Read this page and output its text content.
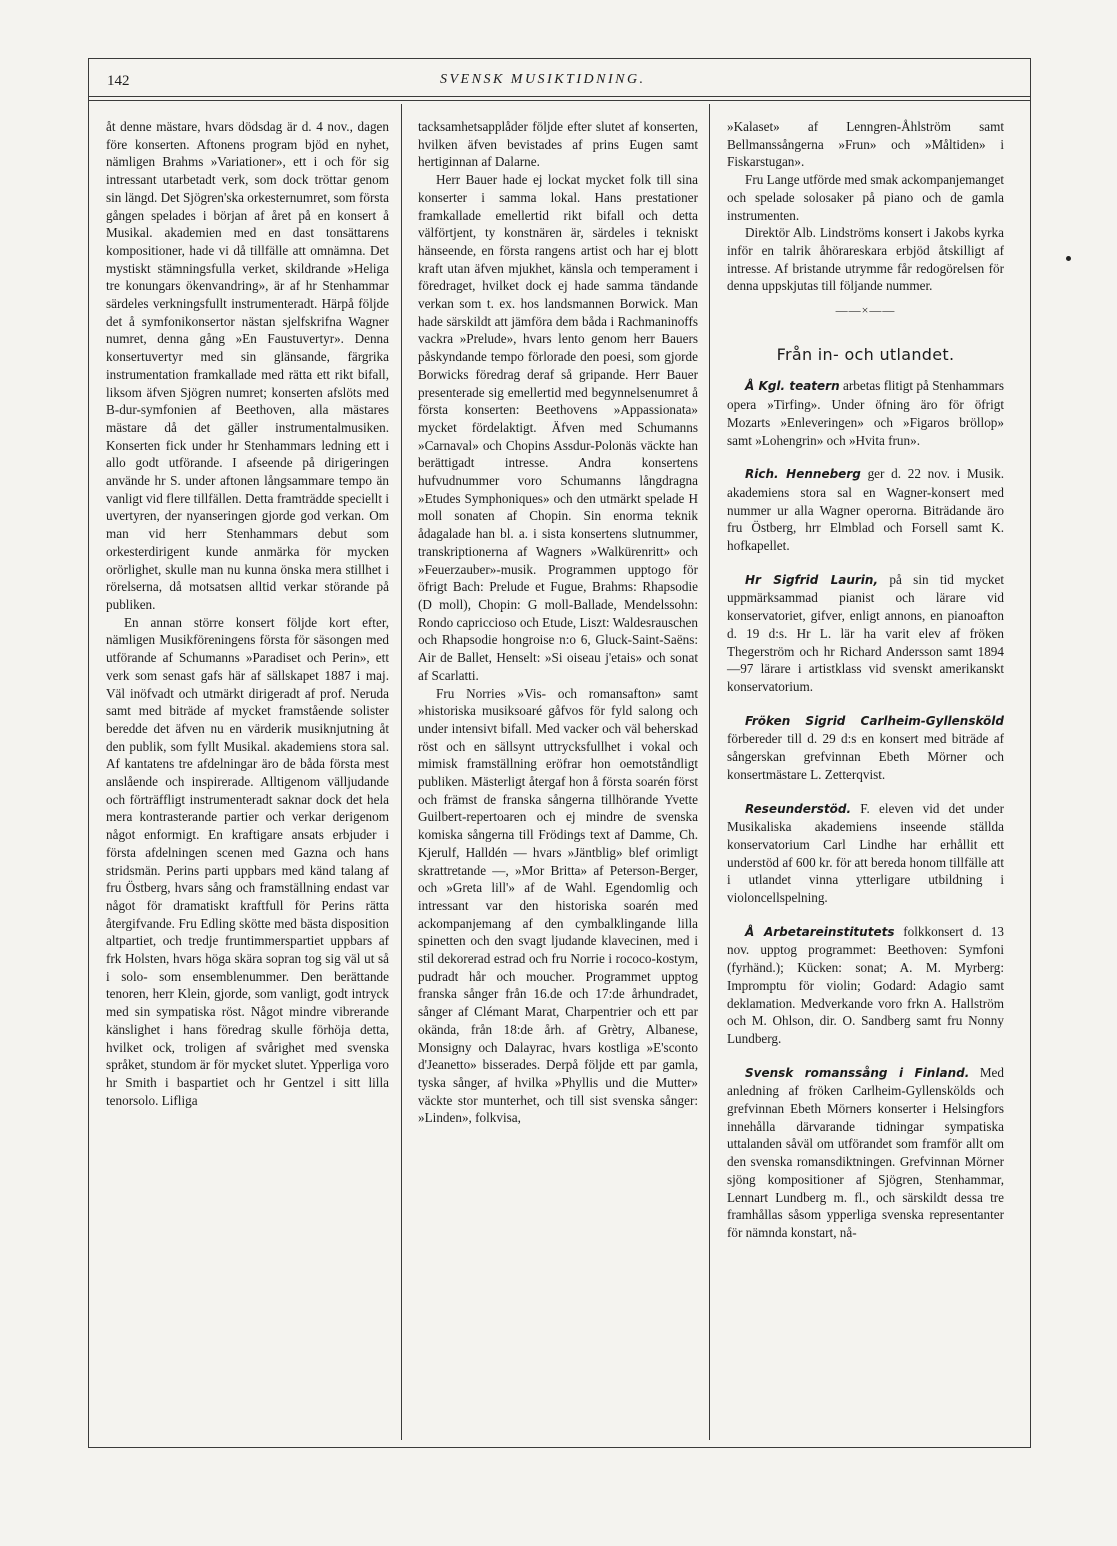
142	SVENSK MUSIKTIDNING.

åt denne mästare, hvars dödsdag är d. 4 nov., dagen före konserten. Aftonens program bjöd en nyhet, nämligen Brahms »Variationer», ett i och för sig intressant utarbetadt verk, som dock tröttar genom sin längd. Det Sjögren'ska orkesternumret, som första gången spelades i början af året på en konsert å Musikal. akademien med en dast tonsättarens kompositioner, hade vi då tillfälle att omnämna. Det mystiskt stämningsfulla verket, skildrande »Heliga tre konungars ökenvandring», är af hr Stenhammar särdeles verkningsfullt instrumenteradt. Härpå följde det å symfonikonsertor nästan sjelfskrifna Wagner numret, denna gång »En Faustuvertyr». Denna konsertuvertyr med sin glänsande, färgrika instrumentation framkallade med rätta ett rikt bifall, liksom äfven Sjögren numret; konserten afslöts med B-dur-symfonien af Beethoven, alla mästares mästare då det gäller instrumentalmusiken. Konserten fick under hr Stenhammars ledning ett i allo godt utförande. I afseende på dirigeringen använde hr S. under aftonen långsammare tempo än vanligt vid flere tillfällen. Detta framträdde speciellt i uvertyren, der nyanseringen gjorde god verkan. Om man vid herr Stenhammars debut som orkesterdirigent kunde anmärka för mycken orörlighet, skulle man nu kunna önska mera stillhet i rörelserna, då motsatsen alltid verkar störande på publiken.

En annan större konsert följde kort efter, nämligen Musikföreningens första för säsongen med utförande af Schumanns »Paradiset och Perin», ett verk som senast gafs här af sällskapet 1887 i maj. Väl inöfvadt och utmärkt dirigeradt af prof. Neruda samt med biträde af mycket framstående solister beredde det äfven nu en värderik musiknjutning åt den publik, som fyllt Musikal. akademiens stora sal. Af kantatens tre afdelningar äro de båda första mest anslående och inspirerade. Alltigenom välljudande och förträffligt instrumenteradt saknar dock det hela mera kontrasterande partier och verkar derigenom något enformigt. En kraftigare ansats erbjuder i första afdelningen scenen med Gazna och hans stridsmän. Perins parti uppbars med känd talang af fru Östberg, hvars sång och framställning endast var något för dramatiskt kraftfull för Perins rätta återgifvande. Fru Edling skötte med bästa disposition altpartiet, och tredje fruntimmerspartiet uppbars af frk Holsten, hvars höga skära sopran tog sig väl ut så i solo- som ensemblenummer. Den berättande tenoren, herr Klein, gjorde, som vanligt, godt intryck med sin sympatiska röst. Något mindre vibrerande känslighet i hans föredrag skulle förhöja detta, hvilket ock, troligen af svårighet med svenska språket, stundom är för mycket slutet. Ypperliga voro hr Smith i baspartiet och hr Gentzel i sitt lilla tenorsolo. Lifliga

tacksamhetsapplåder följde efter slutet af konserten, hvilken äfven bevistades af prins Eugen samt hertiginnan af Dalarne.

Herr Bauer hade ej lockat mycket folk till sina konserter i samma lokal. Hans prestationer framkallade emellertid rikt bifall och detta välförtjent, ty konstnären är, särdeles i tekniskt hänseende, en första rangens artist och har ej blott kraft utan äfven mjukhet, känsla och temperament i föredraget, hvilket dock ej hade samma tändande verkan som t. ex. hos landsmannen Borwick. Man hade särskildt att jämföra dem båda i Rachmaninoffs vackra »Prelude», hvars lento genom herr Bauers påskyndande tempo förlorade den poesi, som gjorde Borwicks föredrag deraf så gripande. Herr Bauer presenterade sig emellertid med begynnelsenumret å första konserten: Beethovens »Appassionata» mycket fördelaktigt. Äfven med Schumanns »Carnaval» och Chopins Assdur-Polonäs väckte han berättigadt intresse. Andra konsertens hufvudnummer voro Schumanns långdragna »Etudes Symphoniques» och den utmärkt spelade H moll sonaten af Chopin. Sin enorma teknik ådagalade han bl. a. i sista konsertens slutnummer, transkriptionerna af Wagners »Walkürenritt» och »Feuerzauber»-musik. Programmen upptogo för öfrigt Bach: Prelude et Fugue, Brahms: Rhapsodie (D moll), Chopin: G moll-Ballade, Mendelssohn: Rondo capriccioso och Etude, Liszt: Waldesrauschen och Rhapsodie hongroise n:o 6, Gluck-Saint-Saëns: Air de Ballet, Henselt: »Si oiseau j'etais» och sonat af Scarlatti.

Fru Norries »Vis- och romansafton» samt »historiska musiksoaré gåfvos för fyld salong och under intensivt bifall. Med vacker och väl beherskad röst och en sällsynt uttrycksfullhet i vokal och mimisk framställning eröfrar hon oemotståndligt publiken. Mästerligt återgaf hon å första soarén först och främst de franska sångerna tillhörande Yvette Guilbert-repertoaren och ej mindre de svenska komiska sångerna till Frödings text af Damme, Ch. Kjerulf, Halldén — hvars »Jäntblig» blef orimligt skrattretande —, »Mor Britta» af Peterson-Berger, och »Greta lill'» af de Wahl. Egendomlig och intressant var den historiska soarén med ackompanjemang af den cymbalklingande lilla spinetten och den svagt ljudande klavecinen, med i stil dekorerad estrad och fru Norrie i rococo-kostym, pudradt hår och moucher. Programmet upptog franska sånger från 16.de och 17:de århundradet, sånger af Clémant Marat, Charpentrier och ett par okända, från 18:de årh. af Grètry, Albanese, Monsigny och Dalayrac, hvars kostliga »E'sconto d'Jeanetto» bisserades. Derpå följde ett par gamla, tyska sånger, af hvilka »Phyllis und die Mutter» väckte stor munterhet, och till sist svenska sånger: »Linden», folkvisa,

»Kalaset» af Lenngren-Åhlström samt Bellmanssångerna »Frun» och »Måltiden» i Fiskarstugan».

Fru Lange utförde med smak ackompanjemanget och spelade solosaker på piano och de gamla instrumenten.

Direktör Alb. Lindströms konsert i Jakobs kyrka inför en talrik åhörareskara erbjöd åtskilligt af intresse. Af bristande utrymme får redogörelsen för denna uppskjutas till följande nummer.

——×——
Från in- och utlandet.

Å Kgl. teatern arbetas flitigt på Stenhammars opera »Tirfing». Under öfning äro för öfrigt Mozarts »Enleveringen» och »Figaros bröllop» samt »Lohengrin» och »Hvita frun».

Rich. Henneberg ger d. 22 nov. i Musik. akademiens stora sal en Wagner-konsert med nummer ur alla Wagner operorna. Biträdande äro fru Östberg, hrr Elmblad och Forsell samt K. hofkapellet.

Hr Sigfrid Laurin, på sin tid mycket uppmärksammad pianist och lärare vid konservatoriet, gifver, enligt annons, en pianoafton d. 19 d:s. Hr L. lär ha varit elev af fröken Thegerström och hr Richard Andersson samt 1894 —97 lärare i artistklass vid svenskt amerikanskt konservatorium.

Fröken Sigrid Carlheim-Gyllensköld förbereder till d. 29 d:s en konsert med biträde af sångerskan grefvinnan Ebeth Mörner och konsertmästare L. Zetterqvist.

Reseunderstöd. F. eleven vid det under Musikaliska akademiens inseende ställda konservatorium Carl Lindhe har erhållit ett understöd af 600 kr. för att bereda honom tillfälle att i utlandet vinna ytterligare utbildning i violoncellspelning.

Å Arbetareinstitutets folkkonsert d. 13 nov. upptog programmet: Beethoven: Symfoni (fyrhänd.); Kücken: sonat; A. M. Myrberg: Impromptu för violin; Godard: Adagio samt deklamation. Medverkande voro frkn A. Hallström och M. Ohlson, dir. O. Sandberg samt fru Nonny Lundberg.

Svensk romanssång i Finland. Med anledning af fröken Carlheim-Gyllenskölds och grefvinnan Ebeth Mörners konserter i Helsingfors innehålla därvarande tidningar sympatiska uttalanden såväl om utförandet som framför allt om den svenska romansdiktningen. Grefvinnan Mörner sjöng kompositioner af Sjögren, Stenhammar, Lennart Lundberg m. fl., och särskildt dessa tre framhållas såsom ypperliga svenska representanter för nämnda konstart, nå-
